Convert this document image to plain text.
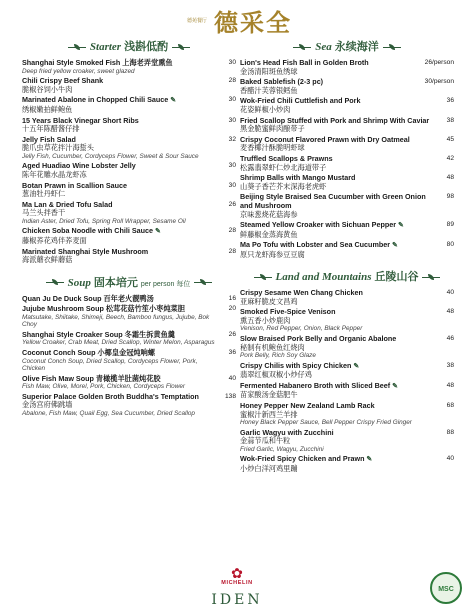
德苑餐厅 德采全
Starter 浅斟低酌
Shanghai Style Smoked Fish 上海老弄堂熏鱼
Deep fried yellow croaker, sweet glazed
30
Chili Crispy Beef Shank
脆椒谷饲小牛肉
28
Marinated Abalone in Chopped Chili Sauce ✎
绣椒嫩拍鲜鲍鱼
30
15 Years Black Vinegar Short Ribs
十五年陈醋酱仔排
30
Jelly Fish Salad
脆爪虫草花拌汁海蜇头
Jelly Fish, Cucumber, Cordyceps Flower, Sweet & Sour Sauce
32
Aged Huadiao Wine Lobster Jelly
陈年花雕水晶龙虾冻
30
Botan Prawn in Scallion Sauce
葱油牡丹虾仁
30
Ma Lan & Dried Tofu Salad
马兰头拌香干
Indian Aster, Dried Tofu, Spring Roll Wrapper, Sesame Oil
26
Chicken Soba Noodle with Chili Sauce ✎
藤椒荞花鸡伴荞麦面
28
Marinated Shanghai Style Mushroom
海派蘑衣鲜蘑菇
28
Soup 固本培元 per person 每位
Quan Ju De Duck Soup 百年老火靓鸭汤	16
Jujube Mushroom Soup 松茸花菇竹笙小枣炖菜胆
Matsutake, Shiitake, Shimeji, Beech, Bamboo fungus, Jujube, Bok Choy
20
Shanghai Style Croaker Soup 冬霜生拆黄鱼羹
Yellow Croaker, Crab Meat, Dried Scallop, Winter Melon, Asparagus
26
Coconut Conch Soup 小椰皇金冠炖响螺
Coconut Conch Soup, Dried Scallop, Cordyceps Flower, Pork, Chicken
36
Olive Fish Maw Soup 青橄榄羊肚菌炖花胶
Fish Maw, Olive, Morel, Pork, Chicken, Cordyceps Flower
40
Superior Palace Golden Broth Buddha's Temptation
金汤宫府佛跳墙
Abalone, Fish Maw, Quail Egg, Sea Cucumber, Dried Scallop
138
Sea 永续海洋
Lion's Head Fish Ball in Golden Broth
金汤清阳斑鱼绣球
26/person
Baked Sablefish (2-3 pc)
香醋汁芙蓉银鳕鱼
30/person
Wok-Fried Chili Cuttlefish and Pork
花姿鲜椒小炒肉
36
Fried Scallop Stuffed with Pork and Shrimp With Caviar
黑金脆蜜鲜肉酿带子
38
Crispy Coconut Flavored Prawn with Dry Oatmeal
麦香椰汁酥脆明虾球
45
Truffled Scallops & Prawns
松露翡翠虾仁炒北海道带子
42
Shrimp Balls with Mango Mustard
山葵子香芒芥末深海老虎虾
48
Beijing Style Braised Sea Cucumber with Green Onion and Mushroom
京味葱烧花菇海参
98
Steamed Yellow Croaker with Sichuan Pepper ✎
鲜藤椒金蒸海黄鱼
89
Ma Po Tofu with Lobster and Sea Cucumber ✎
原只龙虾海参豆豆腐
80
Land and Mountains 丘陵山谷
Crispy Sesame Wen Chang Chicken
亚麻籽脆皮文昌鸡
40
Smoked Five-Spice Venison
熏五香小炒鹿肉
Venison, Red Pepper, Onion, Black Pepper
48
Slow Braised Pork Belly and Organic Abalone
秘制有机鲍鱼红烧肉
Pork Belly, Rich Soy Glaze
46
Crispy Chilis with Spicy Chicken ✎
翡翠红椒双椒小炒仔鸡
38
Fermented Habanero Broth with Sliced Beef ✎
苗家酸汤金菇肥牛
48
Honey Pepper New Zealand Lamb Rack
蜜椒汁新西兰羊排
Honey Black Pepper Sauce, Bell Pepper Crispy Fried Ginger
68
Garlic Wagyu with Zucchini
金蒜节瓜和牛粒
Fried Garlic, Wagyu, Zucchini
88
Wok-Fried Spicy Chicken and Prawn ✎
小炒白洋河鸡里蹦
40
✿
MICHELIN
IDEN
MSC
